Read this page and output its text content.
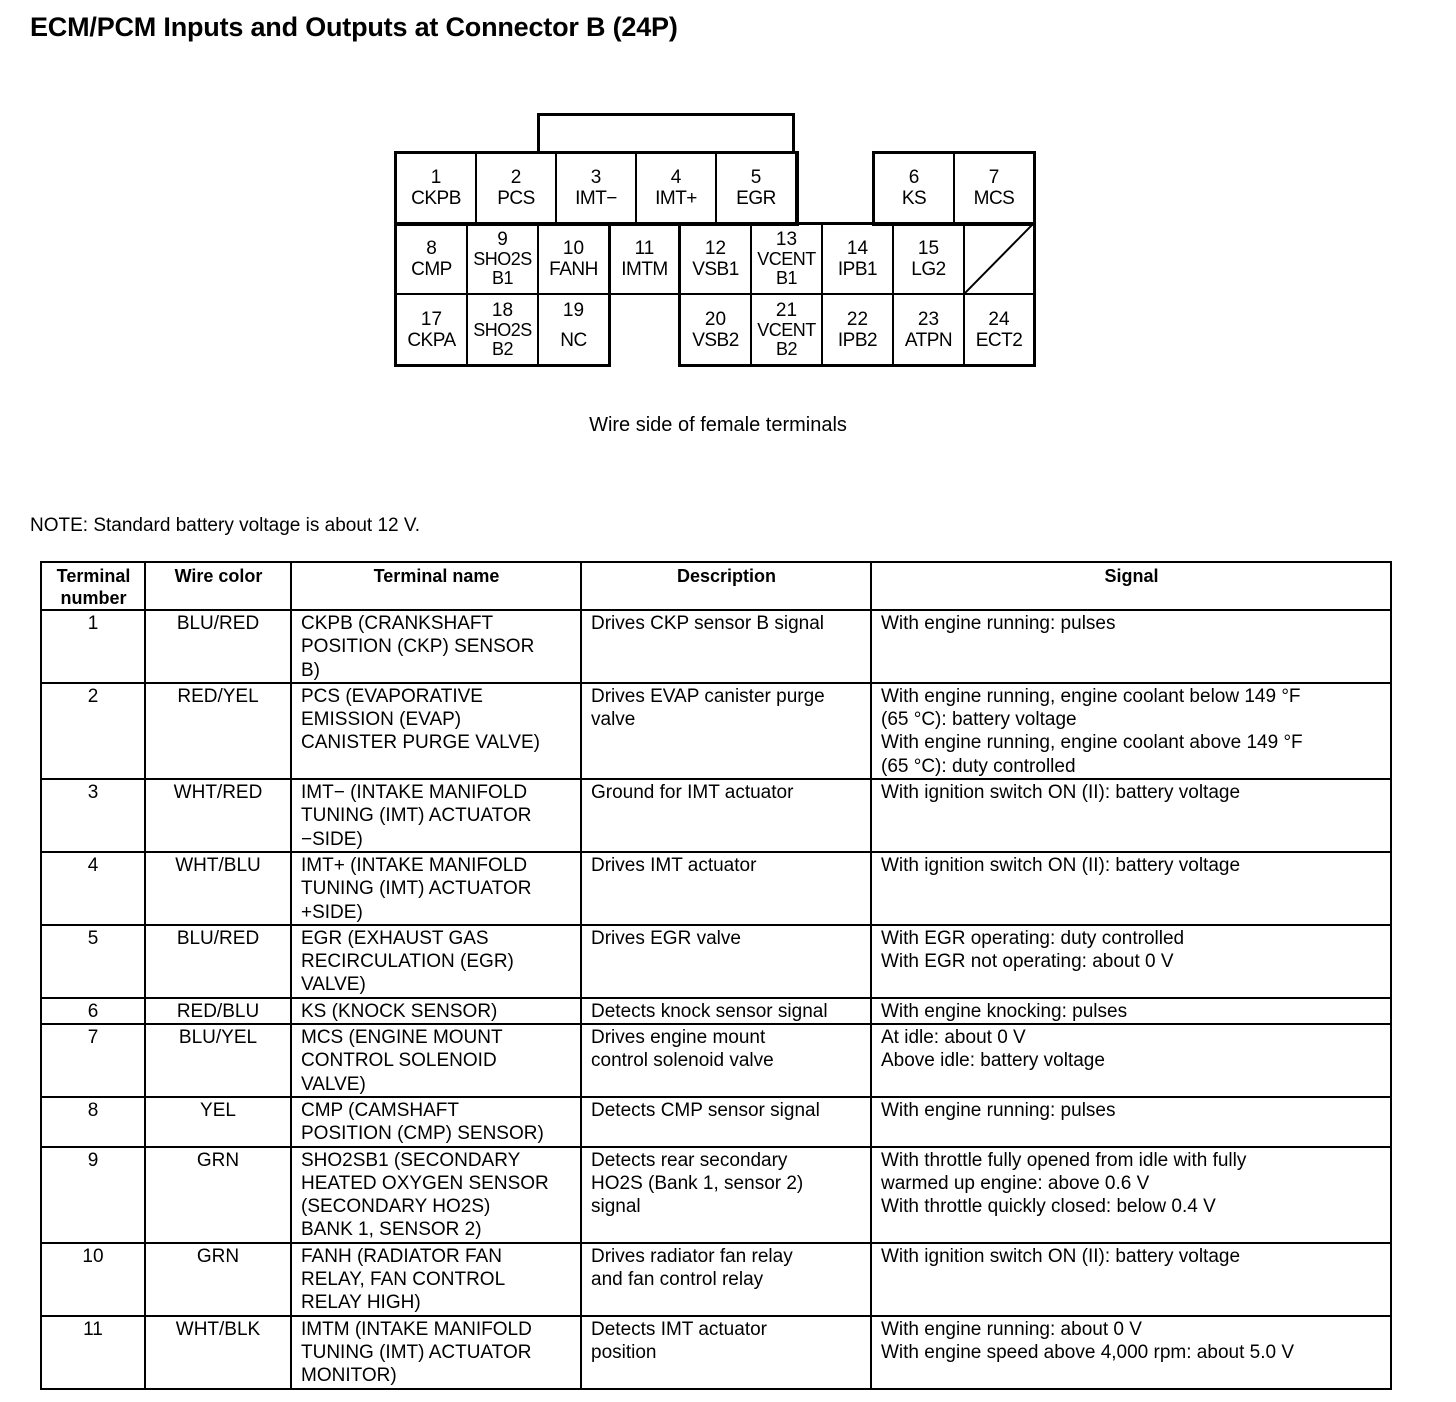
ECM/PCM Inputs and Outputs at Connector B (24P)
1
CKPB
2
PCS
3
IMT−
4
IMT+
5
EGR
6
KS
7
MCS
8
CMP
9
SHO2S
B1
10
FANH
11
IMTM
12
VSB1
13
VCENT
B1
14
IPB1
15
LG2
17
CKPA
18
SHO2S
B2
19
NC
20
VSB2
21
VCENT
B2
22
IPB2
23
ATPN
24
ECT2

Wire side of female terminals

NOTE: Standard battery voltage is about 12 V.

Terminal
number	Wire color	Terminal name	Description	Signal

1	BLU/RED	CKPB (CRANKSHAFT
POSITION (CKP) SENSOR
B)	Drives CKP sensor B signal	With engine running: pulses

2	RED/YEL	PCS (EVAPORATIVE
EMISSION (EVAP)
CANISTER PURGE VALVE)	Drives EVAP canister purge
valve	With engine running, engine coolant below 149 °F
(65 °C): battery voltage
With engine running, engine coolant above 149 °F
(65 °C): duty controlled

3	WHT/RED	IMT− (INTAKE MANIFOLD
TUNING (IMT) ACTUATOR
−SIDE)	Ground for IMT actuator	With ignition switch ON (II): battery voltage

4	WHT/BLU	IMT+ (INTAKE MANIFOLD
TUNING (IMT) ACTUATOR
+SIDE)	Drives IMT actuator	With ignition switch ON (II): battery voltage

5	BLU/RED	EGR (EXHAUST GAS
RECIRCULATION (EGR)
VALVE)	Drives EGR valve	With EGR operating: duty controlled
With EGR not operating: about 0 V

6	RED/BLU	KS (KNOCK SENSOR)	Detects knock sensor signal	With engine knocking: pulses

7	BLU/YEL	MCS (ENGINE MOUNT
CONTROL SOLENOID
VALVE)	Drives engine mount
control solenoid valve	At idle: about 0 V
Above idle: battery voltage

8	YEL	CMP (CAMSHAFT
POSITION (CMP) SENSOR)	Detects CMP sensor signal	With engine running: pulses

9	GRN	SHO2SB1 (SECONDARY
HEATED OXYGEN SENSOR
(SECONDARY HO2S)
BANK 1, SENSOR 2)	Detects rear secondary
HO2S (Bank 1, sensor 2)
signal	With throttle fully opened from idle with fully
warmed up engine: above 0.6 V
With throttle quickly closed: below 0.4 V

10	GRN	FANH (RADIATOR FAN
RELAY, FAN CONTROL
RELAY HIGH)	Drives radiator fan relay
and fan control relay	With ignition switch ON (II): battery voltage

11	WHT/BLK	IMTM (INTAKE MANIFOLD
TUNING (IMT) ACTUATOR
MONITOR)	Detects IMT actuator
position	With engine running: about 0 V
With engine speed above 4,000 rpm: about 5.0 V
